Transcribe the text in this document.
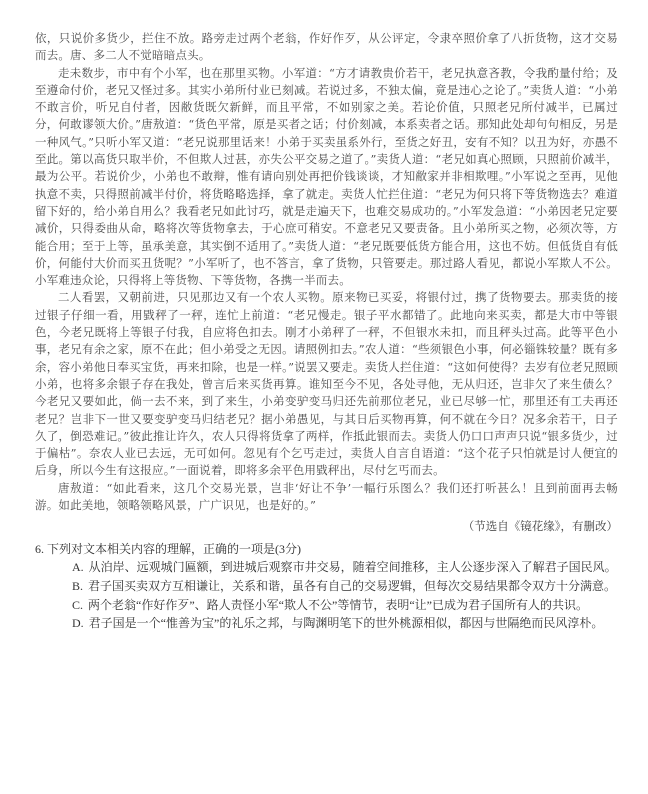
依，只说价多货少，拦住不放。路旁走过两个老翁，作好作歹，从公评定，令隶卒照价拿了八折货物，这才交易而去。唐、多二人不觉暗暗点头。

走未数步，市中有个小军，也在那里买物。小军道：“方才请教贵价若干，老兄执意吝教，令我酌量付给；及至遵命付价，老兄又怪过多。其实小弟所付业已刻减。若说过多，不独太偏，竟是违心之论了。”卖货人道：“小弟不敢言价，听兄自付者，因敝货既欠新鲜，而且平常，不如别家之美。若论价值，只照老兄所付减半，已属过分，何敢谬领大价。”唐敖道：“货色平常，原是买者之话；付价刻减，本系卖者之话。那知此处却句句相反，另是一种风气。”只听小军又道：“老兄说那里话来！小弟于买卖虽系外行，至货之好丑，安有不知？以丑为好，亦愚不至此。第以高货只取半价，不但欺人过甚，亦失公平交易之道了。”卖货人道：“老兄如真心照顾，只照前价减半，最为公平。若说价少，小弟也不敢辩，惟有请向别处再把价钱谈谈，才知敝家并非相欺哩。”小军说之至再，见他执意不卖，只得照前减半付价，将货略略选择，拿了就走。卖货人忙拦住道：“老兄为何只将下等货物选去？难道留下好的，给小弟自用么？我看老兄如此讨巧，就是走遍天下，也难交易成功的。”小军发急道：“小弟因老兄定要减价，只得委曲从命，略将次等货物拿去，于心庶可稍安。不意老兄又要责备。且小弟所买之物，必须次等，方能合用；至于上等，虽承美意，其实倒不适用了。”卖货人道：“老兄既要低货方能合用，这也不妨。但低货自有低价，何能付大价而买丑货呢？”小军听了，也不答言，拿了货物，只管要走。那过路人看见，都说小军欺人不公。小军难违众论，只得将上等货物、下等货物，各携一半而去。

二人看罢，又朝前进，只见那边又有一个农人买物。原来物已买妥，将银付过，携了货物要去。那卖货的接过银子仔细一看，用戥秤了一秤，连忙上前道：“老兄慢走。银子平水都错了。此地向来买卖，都是大市中等银色，今老兄既将上等银子付我，自应将色扣去。刚才小弟秤了一秤，不但银水未扣，而且秤头过高。此等平色小事，老兄有余之家，原不在此；但小弟受之无因。请照例扣去。”农人道：“些须银色小事，何必锱铢较量？既有多余，容小弟他日奉买宝货，再来扣除，也是一样。”说罢又要走。卖货人拦住道：“这如何使得？去岁有位老兄照顾小弟，也将多余银子存在我处，曾言后来买货再算。谁知至今不见，各处寻他，无从归还，岂非欠了来生债么？今老兄又要如此，倘一去不来，到了来生，小弟变驴变马归还先前那位老兄，业已尽够一忙，那里还有工夫再还老兄？岂非下一世又要变驴变马归结老兄？据小弟愚见，与其日后买物再算，何不就在今日？况多余若干，日子久了，倒恐难记。”彼此推让许久，农人只得将货拿了两样，作抵此银而去。卖货人仍口口声声只说“银多货少，过于偏枯”。奈农人业已去远，无可如何。忽见有个乞丐走过，卖货人自言自语道：“这个花子只怕就是讨人便宜的后身，所以今生有这报应。”一面说着，即将多余平色用戥秤出，尽付乞丐而去。

唐敖道：“如此看来，这几个交易光景，岂非‘好让不争’一幅行乐图么？我们还打听甚么！且到前面再去畅游。如此美地，领略领略风景，广广识见，也是好的。”

（节选自《镜花缘》，有删改）
6. 下列对文本相关内容的理解，正确的一项是(3分)
A. 从泊岸、远观城门匾额，到进城后观察市井交易，随着空间推移，主人公逐步深入了解君子国民风。
B. 君子国买卖双方互相谦让，关系和谐，虽各有自己的交易逻辑，但每次交易结果都令双方十分满意。
C. 两个老翁“作好作歹”、路人责怪小军“欺人不公”等情节，表明“让”已成为君子国所有人的共识。
D. 君子国是一个“惟善为宝”的礼乐之邦，与陶渊明笔下的世外桃源相似，都因与世隔绝而民风淳朴。
